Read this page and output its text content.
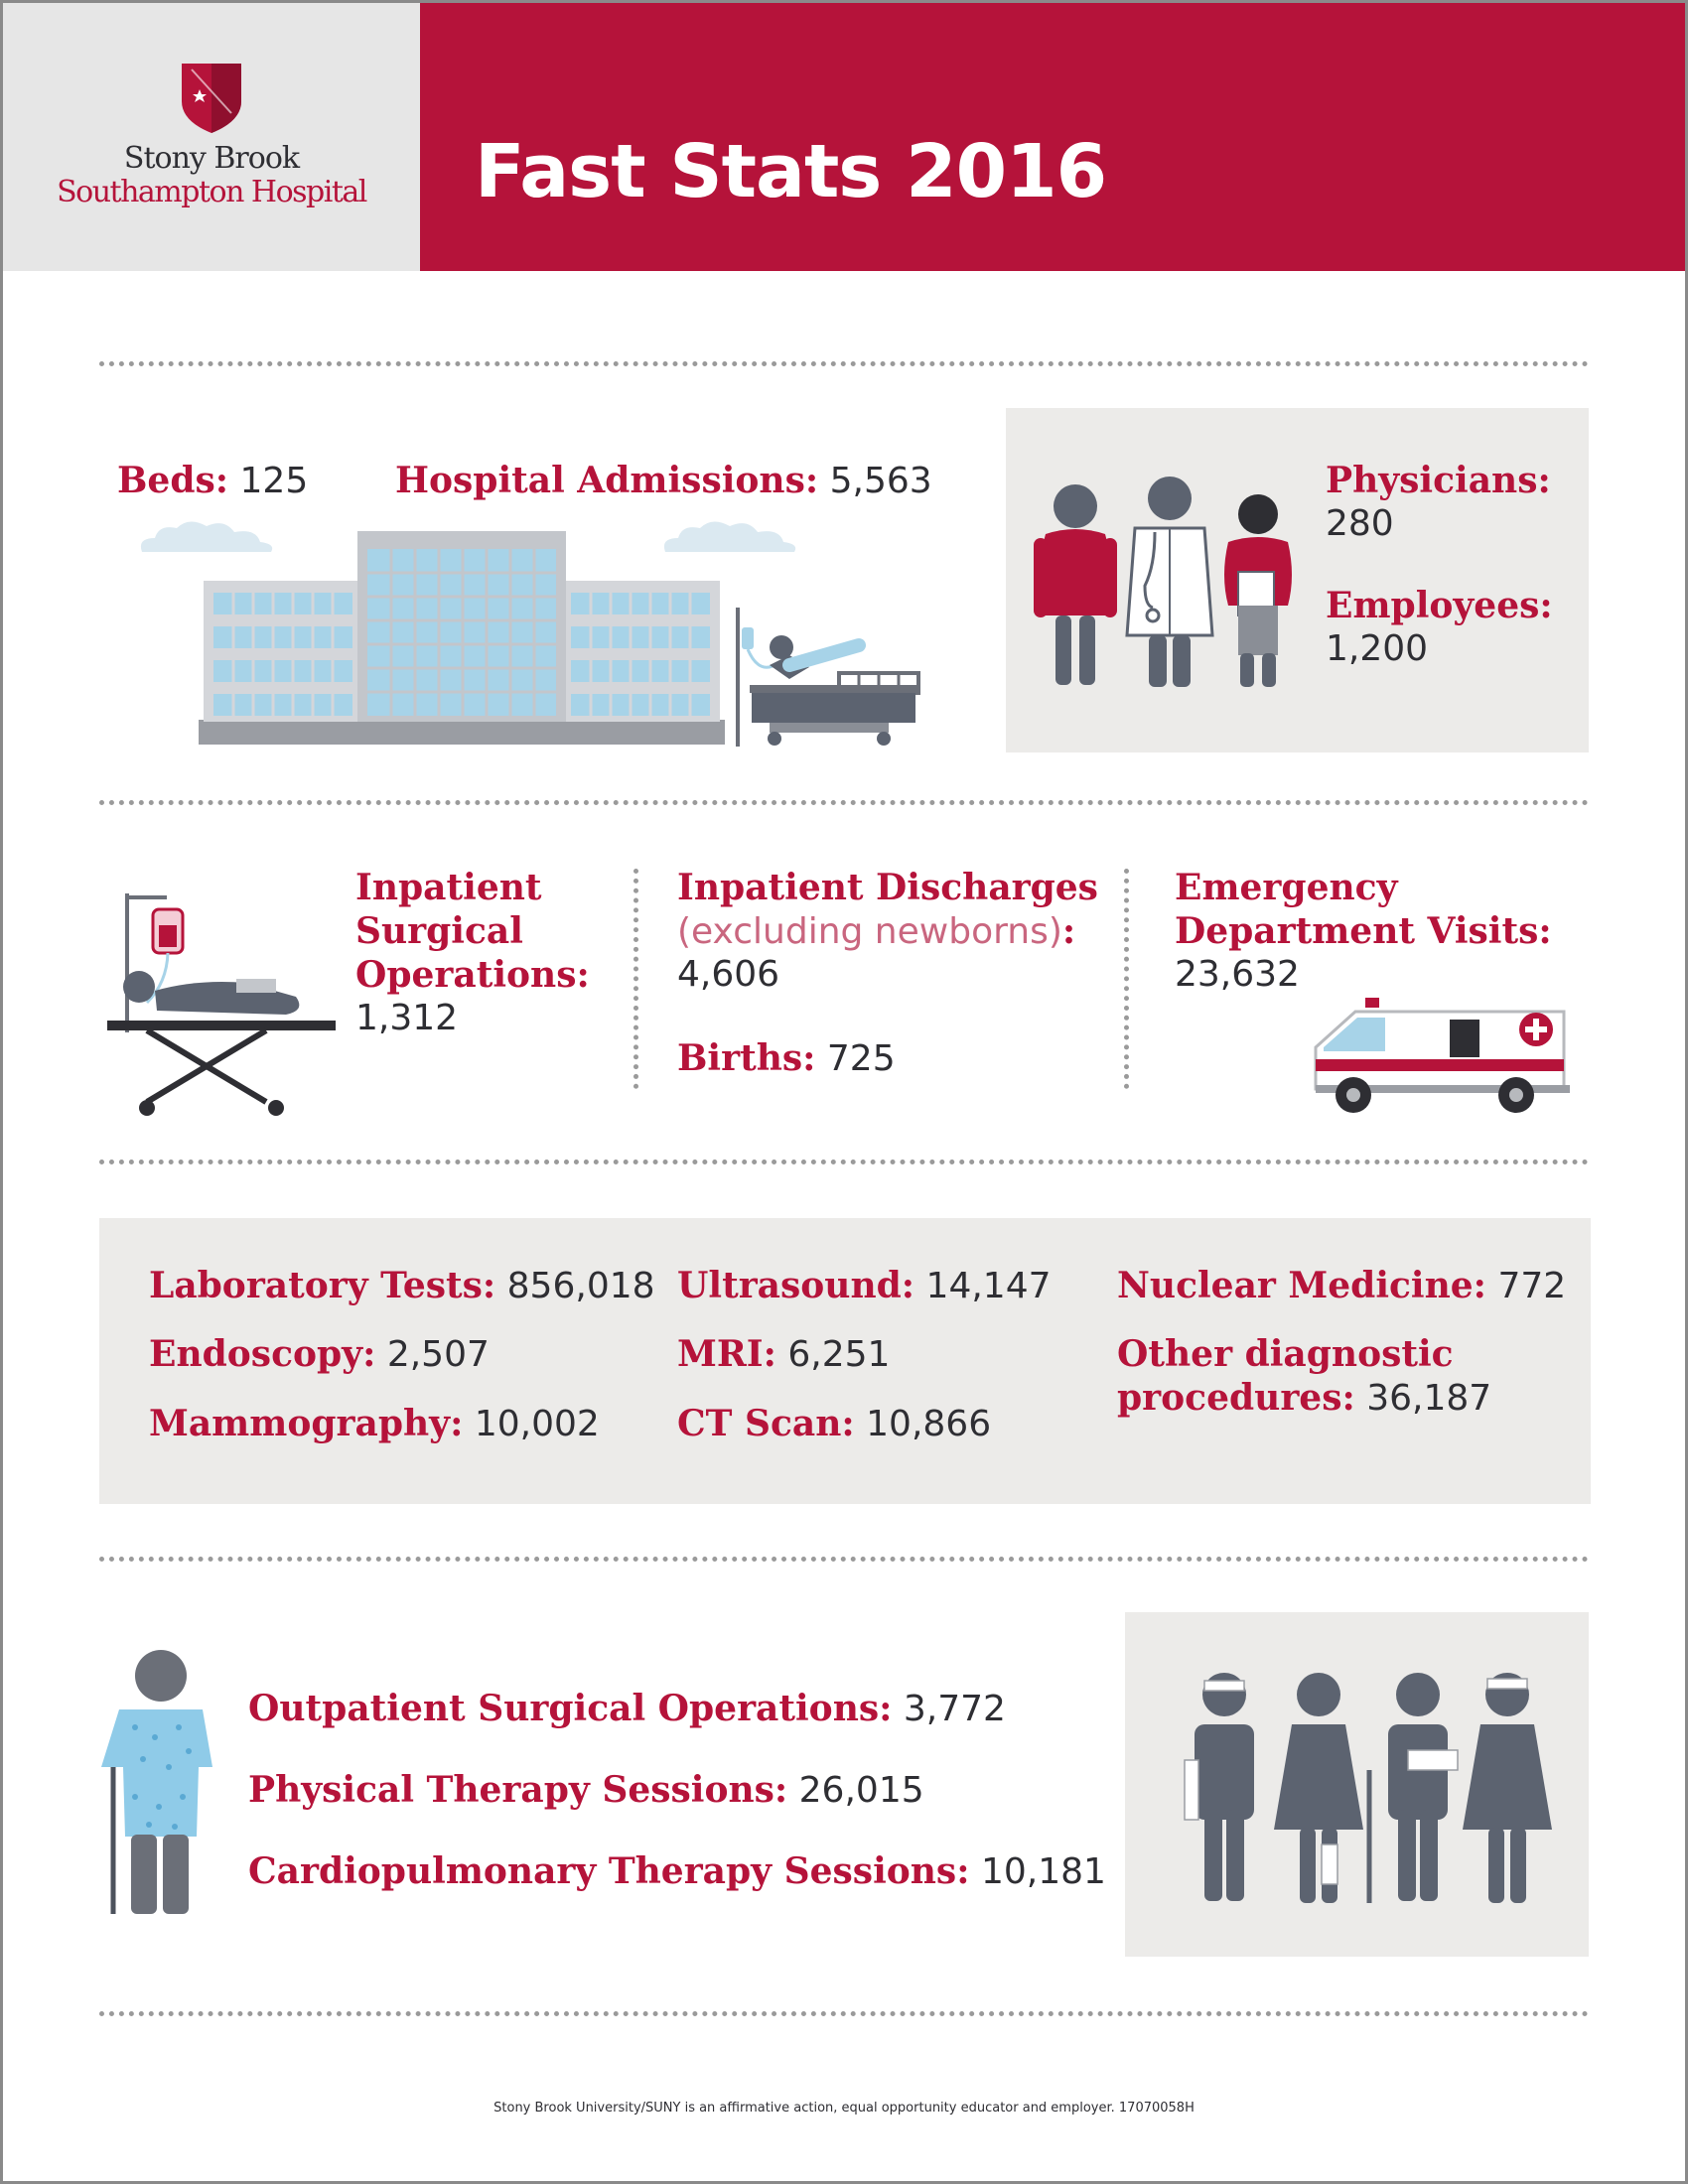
Stony Brook
Southampton Hospital	Fast Stats 2016
Beds: 125 Hospital Admissions: 5,563	Physicians:
280
Employees:
1,200
Inpatient
Surgical
Operations:
1,312
Inpatient Discharges
(excluding newborns):
4,606
Births: 725
Emergency
Department Visits:
23,632
Laboratory Tests: 856,018
Endoscopy: 2,507
Mammography: 10,002
Ultrasound: 14,147
MRI: 6,251
CT Scan: 10,866
Nuclear Medicine: 772
Other diagnostic
procedures: 36,187
Outpatient Surgical Operations: 3,772
Physical Therapy Sessions: 26,015
Cardiopulmonary Therapy Sessions: 10,181
Stony Brook University/SUNY is an affirmative action, equal opportunity educator and employer. 17070058H
